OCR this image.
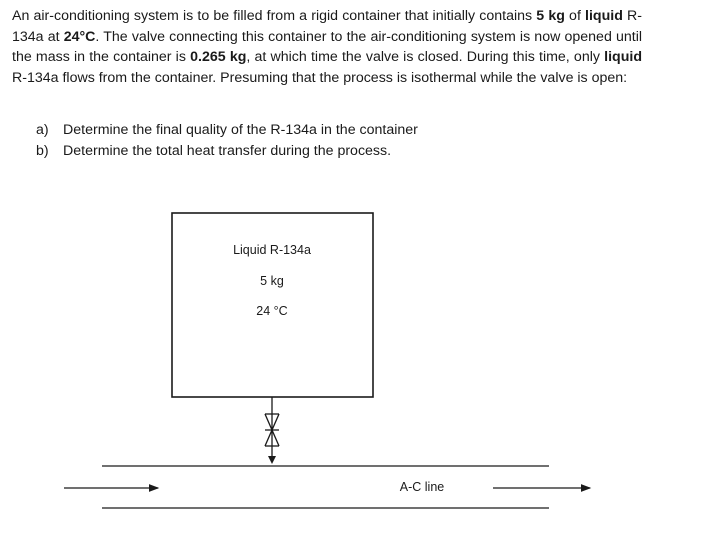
An air-conditioning system is to be filled from a rigid container that initially contains 5 kg of liquid R-134a at 24°C. The valve connecting this container to the air-conditioning system is now opened until the mass in the container is 0.265 kg, at which time the valve is closed. During this time, only liquid R-134a flows from the container. Presuming that the process is isothermal while the valve is open:

a)	Determine the final quality of the R-134a in the container
b)	Determine the total heat transfer during the process.
Liquid R-134a
5 kg
24 °C
A-C line
